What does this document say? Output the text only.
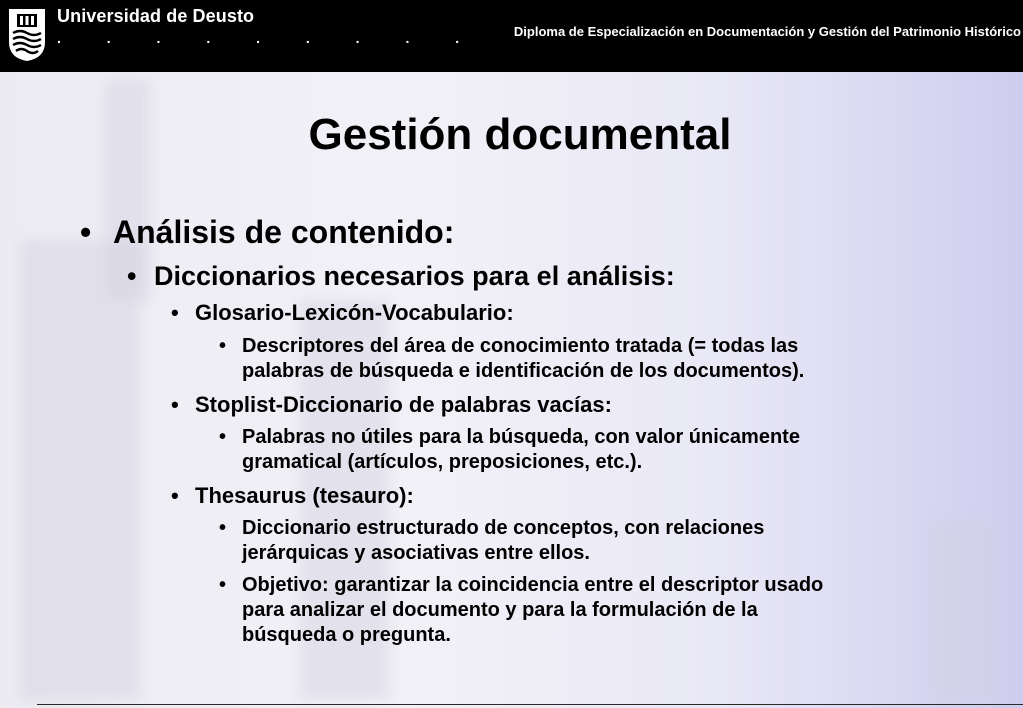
Universidad de Deusto
. . . . . . . . .	Diploma de Especialización en Documentación y Gestión del Patrimonio Histórico
Gestión documental
• Análisis de contenido:
• Diccionarios necesarios para el análisis:
• Glosario-Lexicón-Vocabulario:
• Descriptores del área de conocimiento tratada (= todas las
palabras de búsqueda e identificación de los documentos).
• Stoplist-Diccionario de palabras vacías:
• Palabras no útiles para la búsqueda, con valor únicamente
gramatical (artículos, preposiciones, etc.).
• Thesaurus (tesauro):
• Diccionario estructurado de conceptos, con relaciones
jerárquicas y asociativas entre ellos.
• Objetivo: garantizar la coincidencia entre el descriptor usado
para analizar el documento y para la formulación de la
búsqueda o pregunta.
